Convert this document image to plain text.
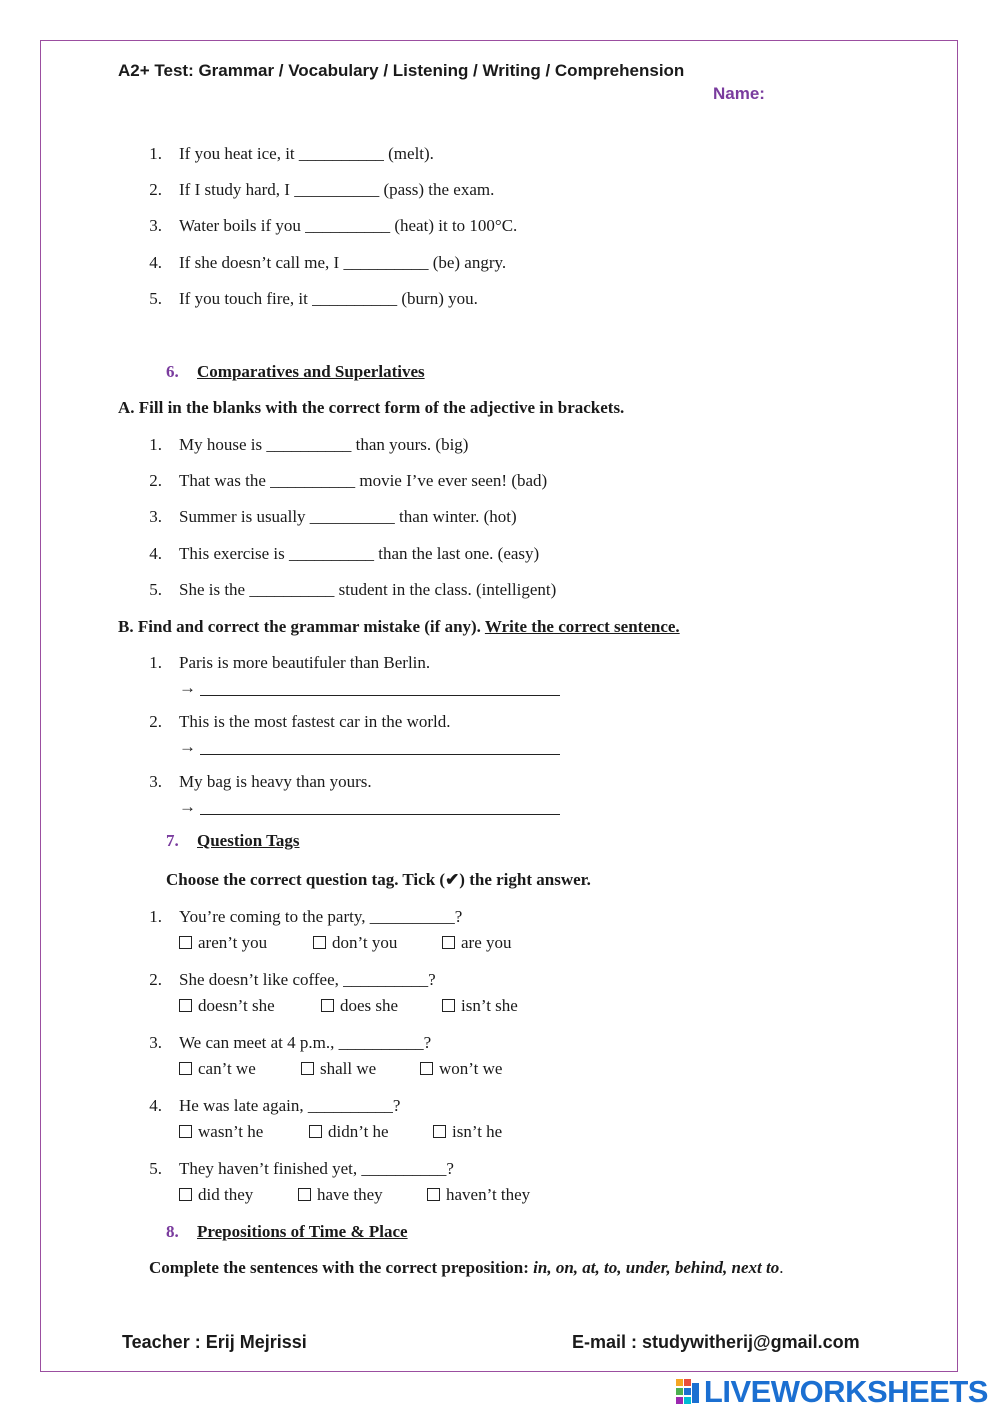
A2+ Test: Grammar / Vocabulary / Listening / Writing / Comprehension
Name:
1. If you heat ice, it __________ (melt).
2. If I study hard, I __________ (pass) the exam.
3. Water boils if you __________ (heat) it to 100°C.
4. If she doesn’t call me, I __________ (be) angry.
5. If you touch fire, it __________ (burn) you.
6. Comparatives and Superlatives
A. Fill in the blanks with the correct form of the adjective in brackets.
1. My house is __________ than yours. (big)
2. That was the __________ movie I’ve ever seen! (bad)
3. Summer is usually __________ than winter. (hot)
4. This exercise is __________ than the last one. (easy)
5. She is the __________ student in the class. (intelligent)
B. Find and correct the grammar mistake (if any). Write the correct sentence.
1. Paris is more beautifuler than Berlin.
→
2. This is the most fastest car in the world.
→
3. My bag is heavy than yours.
→
7. Question Tags
Choose the correct question tag. Tick (✔) the right answer.
1. You’re coming to the party, __________?
aren’t you	don’t you	are you
2. She doesn’t like coffee, __________?
doesn’t she	does she	isn’t she
3. We can meet at 4 p.m., __________?
can’t we	shall we	won’t we
4. He was late again, __________?
wasn’t he	didn’t he	isn’t he
5. They haven’t finished yet, __________?
did they	have they	haven’t they
8. Prepositions of Time & Place
Complete the sentences with the correct preposition: in, on, at, to, under, behind, next to.
Teacher : Erij Mejrissi	E-mail : studywitherij@gmail.com
LIVEWORKSHEETS
